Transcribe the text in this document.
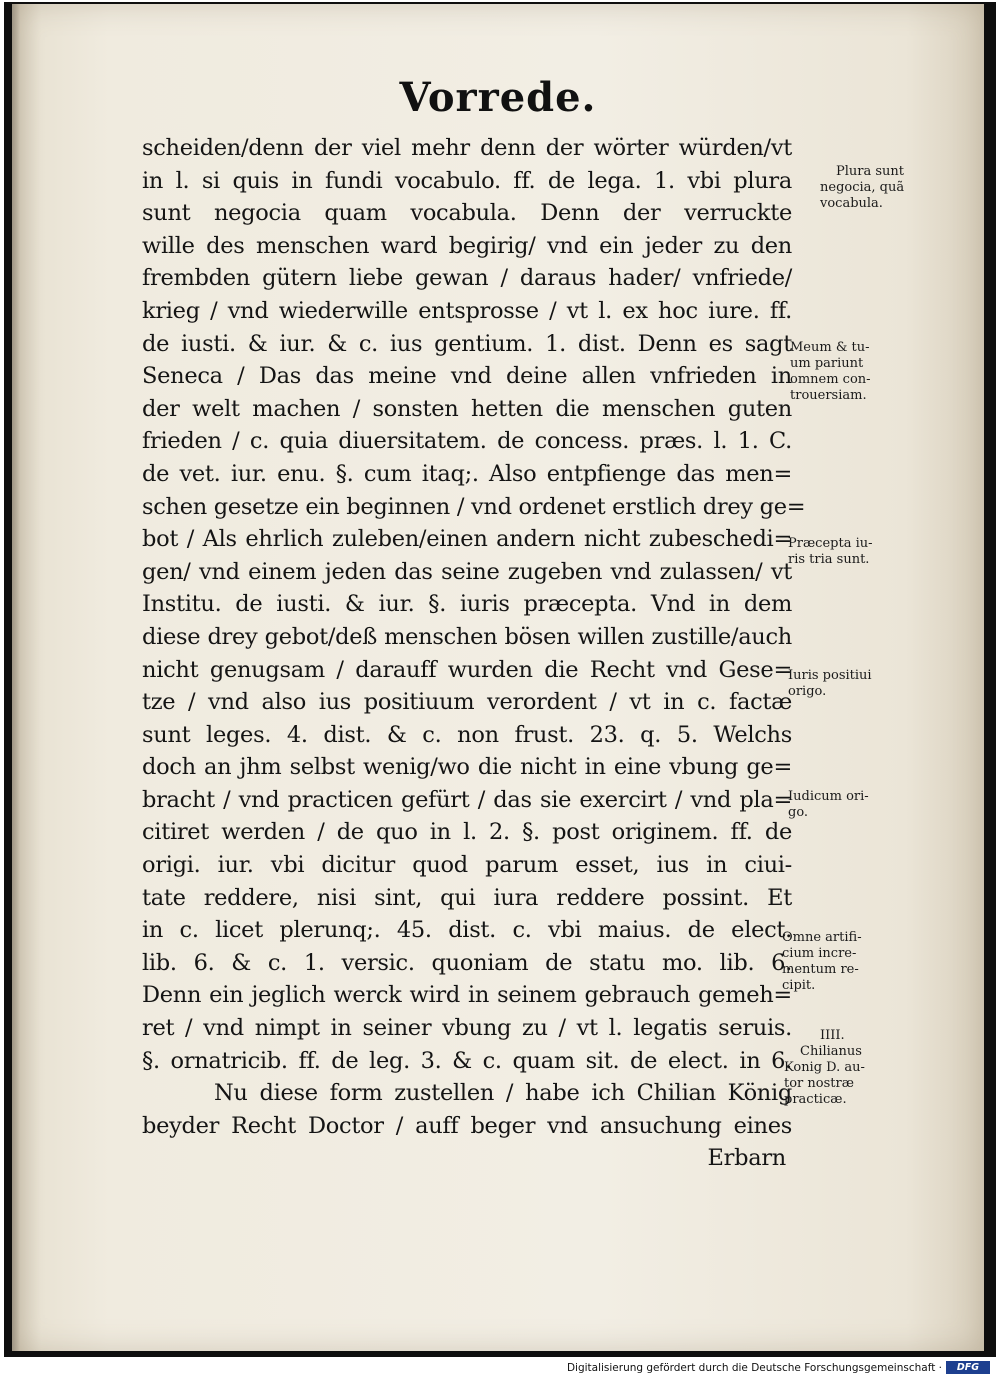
Vorrede.
scheiden/denn der viel mehr denn der wörter würden/vt
in l. si quis in fundi vocabulo. ff. de lega. 1. vbi plura
sunt negocia quam vocabula. Denn der verruckte
wille des menschen ward begirig/ vnd ein jeder zu den
frembden gütern liebe gewan / daraus hader/ vnfriede/
krieg / vnd wiederwille entsprosse / vt l. ex hoc iure. ff.
de iusti. & iur. & c. ius gentium. 1. dist. Denn es sagt
Seneca / Das das meine vnd deine allen vnfrieden in
der welt machen / sonsten hetten die menschen guten
frieden / c. quia diuersitatem. de concess. præs. l. 1. C.
de vet. iur. enu. §. cum itaq;. Also entpfienge das men=
schen gesetze ein beginnen / vnd ordenet erstlich drey ge=
bot / Als ehrlich zuleben/einen andern nicht zubeschedi=
gen/ vnd einem jeden das seine zugeben vnd zulassen/ vt
Institu. de iusti. & iur. §. iuris præcepta. Vnd in dem
diese drey gebot/deß menschen bösen willen zustille/auch
nicht genugsam / darauff wurden die Recht vnd Gese=
tze / vnd also ius positiuum verordent / vt in c. factæ
sunt leges. 4. dist. & c. non frust. 23. q. 5. Welchs
doch an jhm selbst wenig/wo die nicht in eine vbung ge=
bracht / vnd practicen gefürt / das sie exercirt / vnd pla=
citiret werden / de quo in l. 2. §. post originem. ff. de
origi. iur. vbi dicitur quod parum esset, ius in ciui-
tate reddere, nisi sint, qui iura reddere possint. Et
in c. licet plerunq;. 45. dist. c. vbi maius. de elect.
lib. 6. & c. 1. versic. quoniam de statu mo. lib. 6.
Denn ein jeglich werck wird in seinem gebrauch gemeh=
ret / vnd nimpt in seiner vbung zu / vt l. legatis seruis.
§. ornatricib. ff. de leg. 3. & c. quam sit. de elect. in 6.
Nu diese form zustellen / habe ich Chilian König
beyder Recht Doctor / auff beger vnd ansuchung eines
Erbarn
Plura sunt
negocia, quã
vocabula.
Meum & tu-
um pariunt
omnem con-
trouersiam.
Præcepta iu-
ris tria sunt.
Iuris positiui
origo.
Iudicum ori-
go.
Omne artifi-
cium incre-
mentum re-
cipit.
IIII.
Chilianus
Konig D. au-
tor nostræ
practicæ.
Digitalisierung gefördert durch die Deutsche Forschungsgemeinschaft ·	DFG
